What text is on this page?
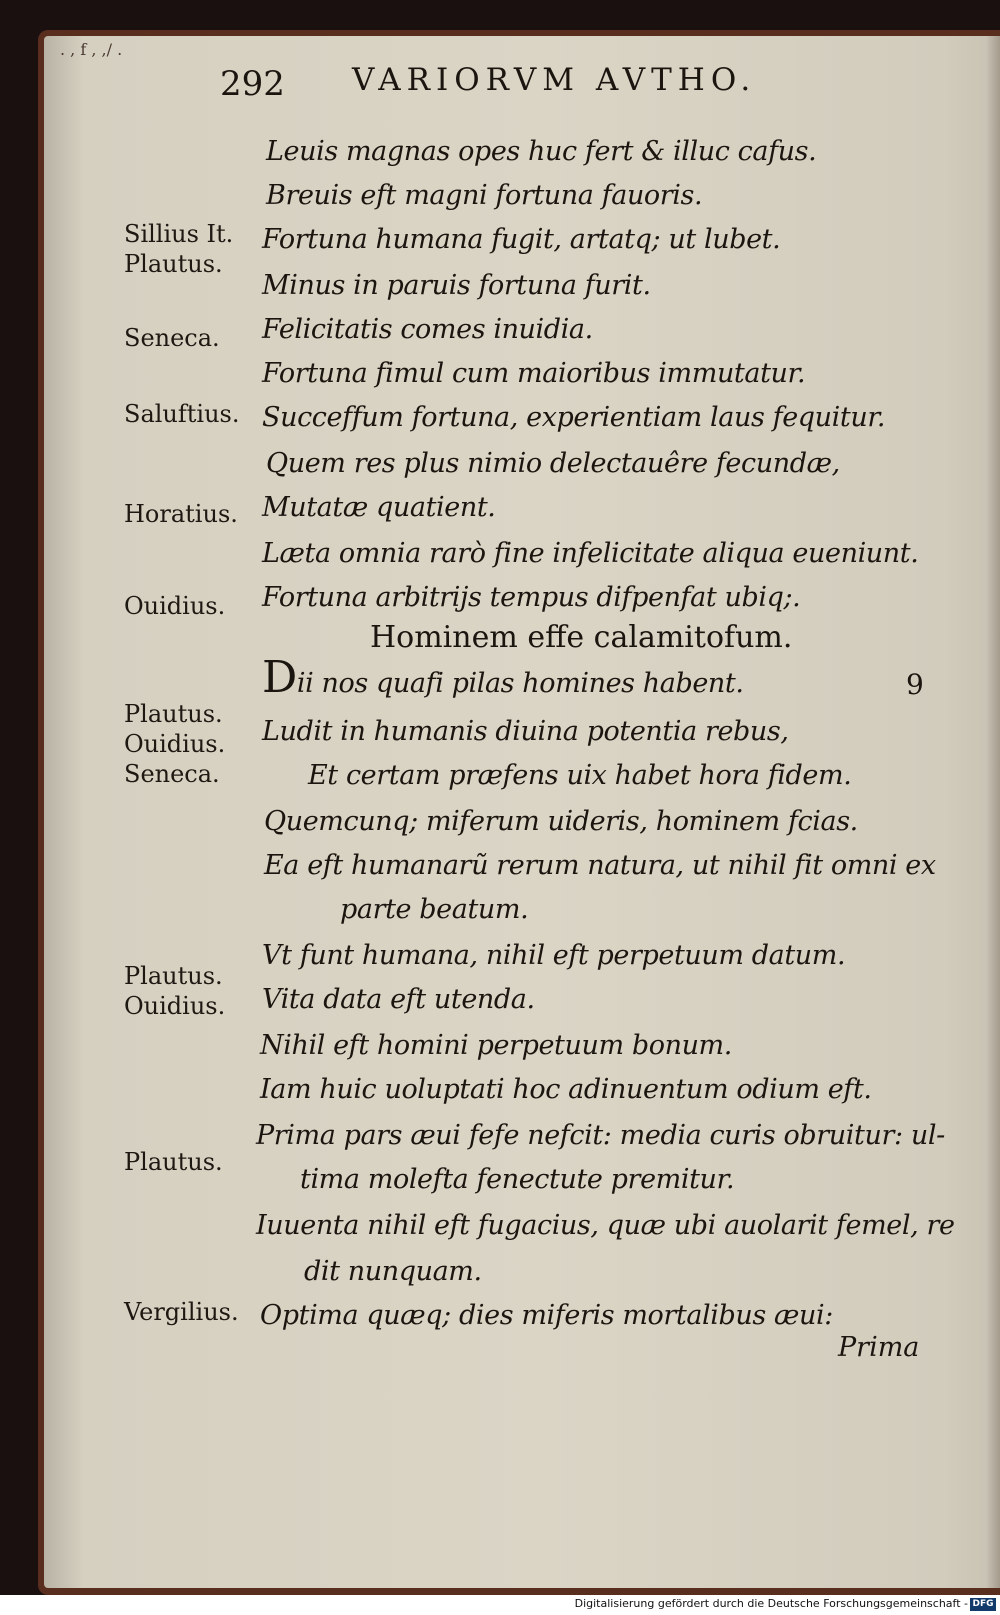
. , f , ,/ .
292 VARIORVM AVTHO.
Sillius It.
Plautus.
Seneca.
Saluftius.
Horatius.
Ouidius.
Plautus.
Ouidius.
Seneca.
Plautus.
Ouidius.
Plautus.
Vergilius.
Leuis magnas opes huc fert & illuc cafus.
Breuis eft magni fortuna fauoris.
Fortuna humana fugit, artatq; ut lubet.
Minus in paruis fortuna furit.
Felicitatis comes inuidia.
Fortuna fimul cum maioribus immutatur.
Succeffum fortuna, experientiam laus fequitur.
Quem res plus nimio delectauêre fecundæ,
Mutatæ quatient.
Læta omnia rarò fine infelicitate aliqua eueniunt.
Fortuna arbitrijs tempus difpenfat ubiq;.
Hominem effe calamitofum.
Dii nos quafi pilas homines habent.	9
Ludit in humanis diuina potentia rebus,
Et certam præfens uix habet hora fidem.
Quemcunq; miferum uideris, hominem fcias.
Ea eft humanarũ rerum natura, ut nihil fit omni ex
parte beatum.
Vt funt humana, nihil eft perpetuum datum.
Vita data eft utenda.
Nihil eft homini perpetuum bonum.
Iam huic uoluptati hoc adinuentum odium eft.
Prima pars æui fefe nefcit: media curis obruitur: ul-
tima molefta fenectute premitur.
Iuuenta nihil eft fugacius, quæ ubi auolarit femel, re
dit nunquam.
Optima quæq; dies miferis mortalibus æui:
Prima
Digitalisierung gefördert durch die Deutsche Forschungsgemeinschaft - DFG
